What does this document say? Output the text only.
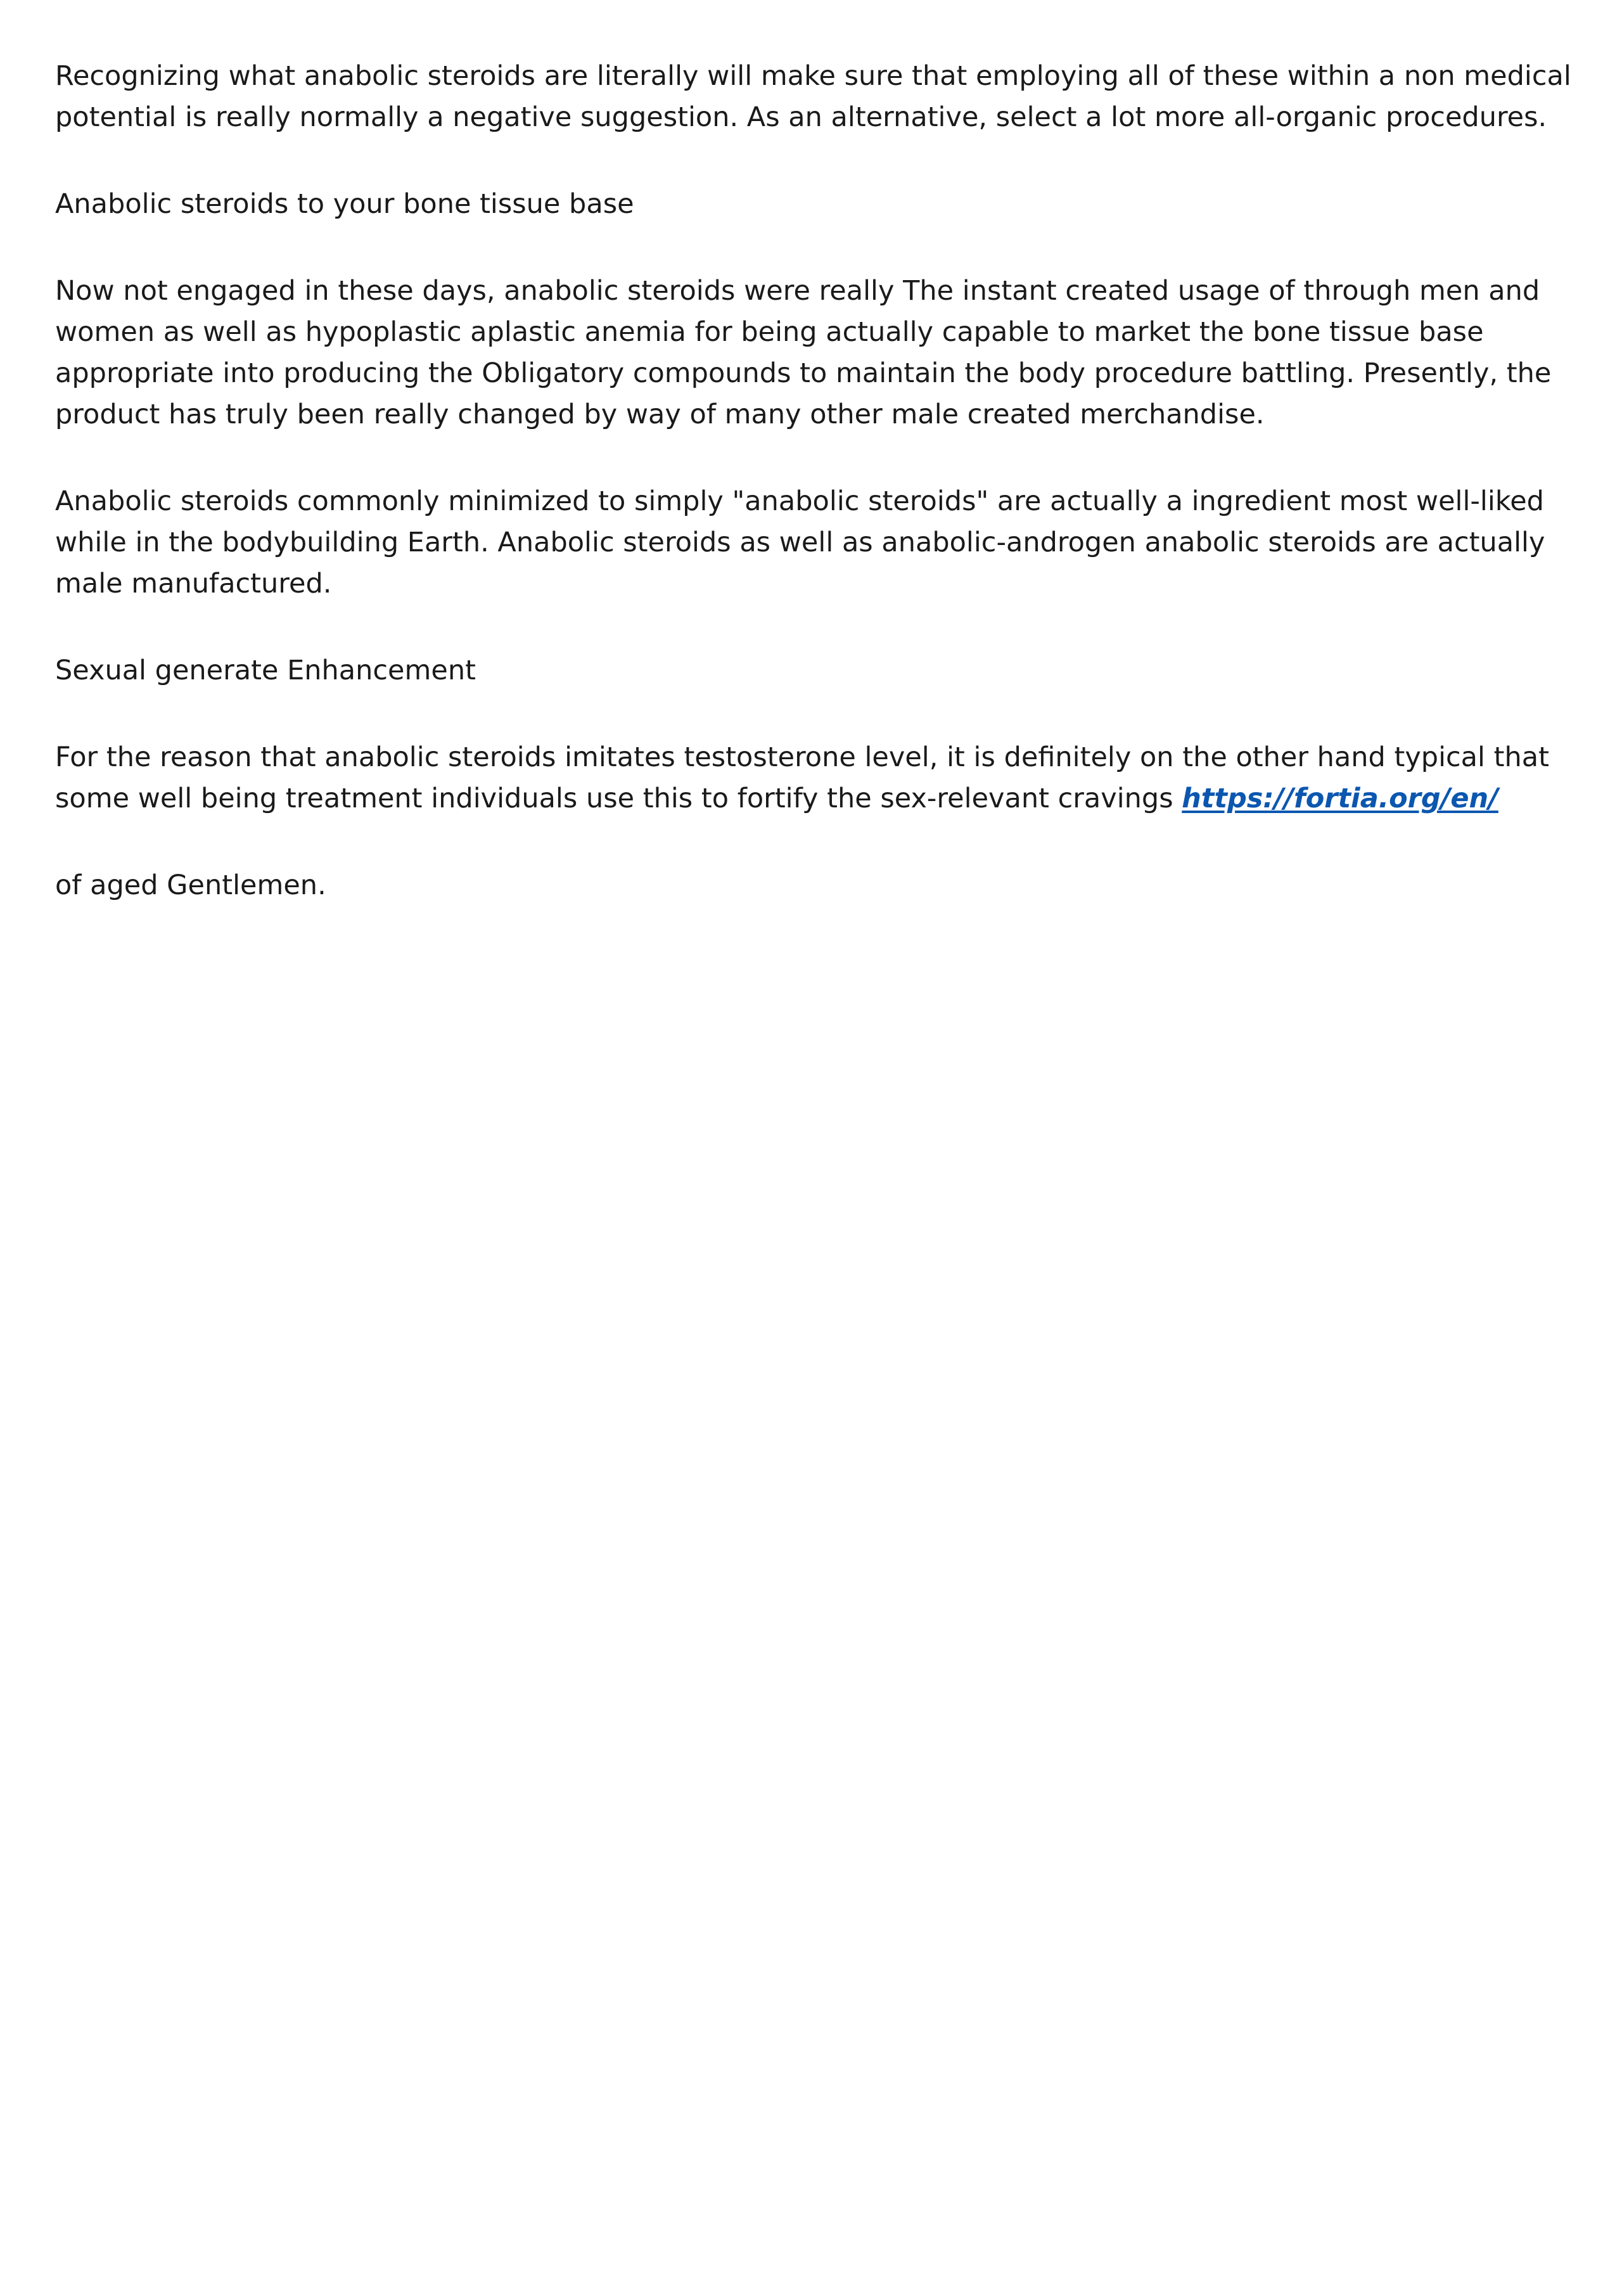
Recognizing what anabolic steroids are literally will make sure that employing all of these within a non medical potential is really normally a negative suggestion. As an alternative, select a lot more all-organic procedures.

Anabolic steroids to your bone tissue base

Now not engaged in these days, anabolic steroids were really The instant created usage of through men and women as well as hypoplastic aplastic anemia for being actually capable to market the bone tissue base appropriate into producing the Obligatory compounds to maintain the body procedure battling. Presently, the product has truly been really changed by way of many other male created merchandise.

Anabolic steroids commonly minimized to simply "anabolic steroids" are actually a ingredient most well-liked while in the bodybuilding Earth. Anabolic steroids as well as anabolic-androgen anabolic steroids are actually male manufactured.

Sexual generate Enhancement

For the reason that anabolic steroids imitates testosterone level, it is definitely on the other hand typical that some well being treatment individuals use this to fortify the sex-relevant cravings https://fortia.org/en/

of aged Gentlemen.
